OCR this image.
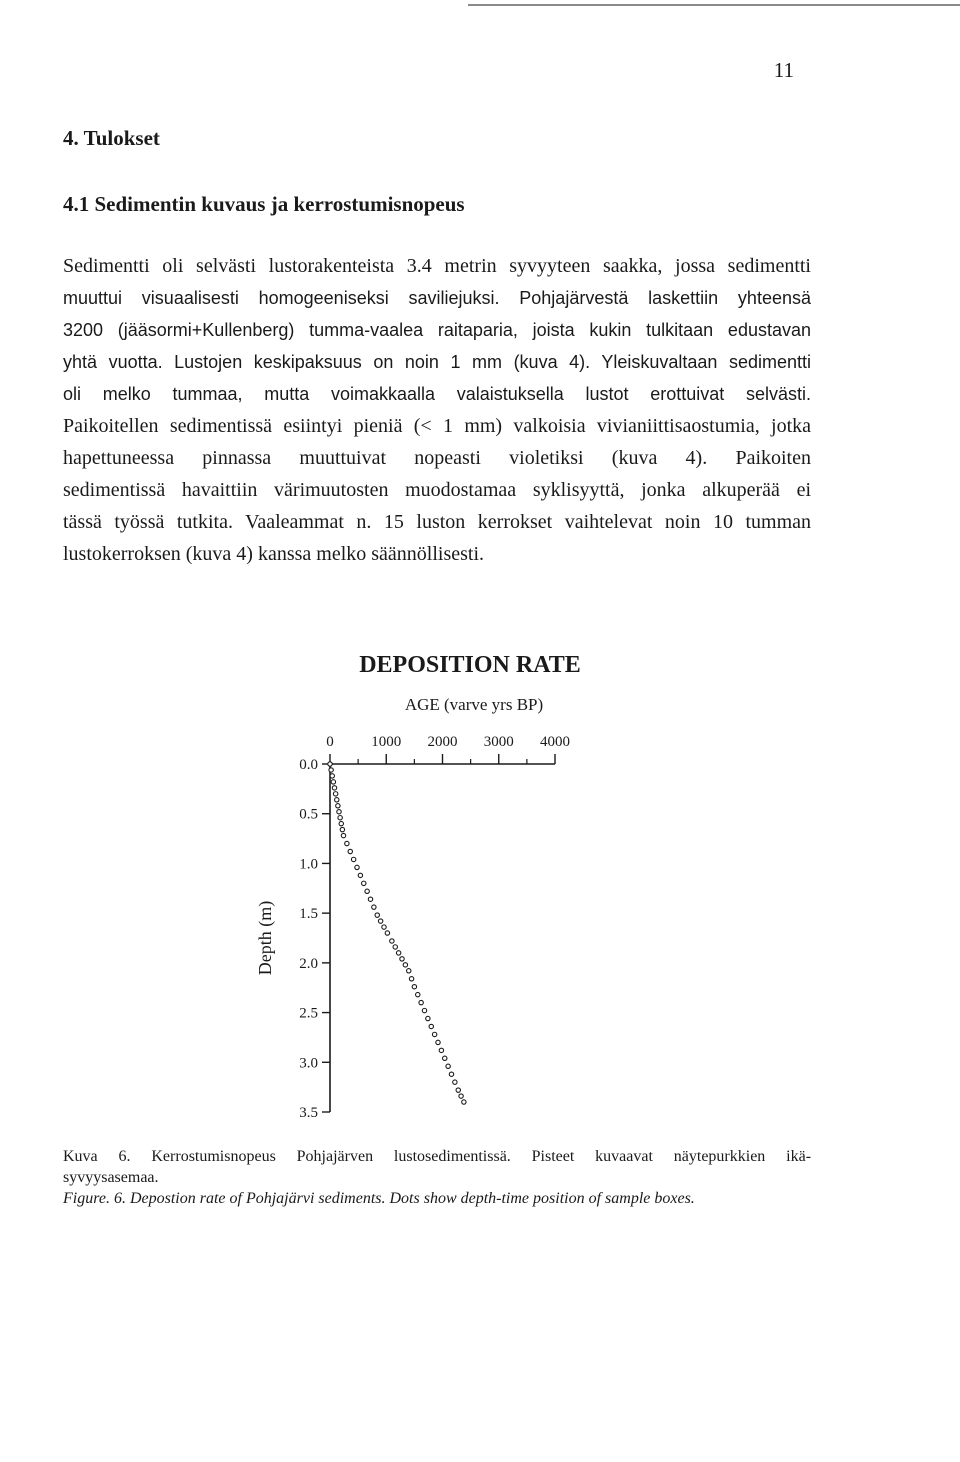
11
4. Tulokset
4.1 Sedimentin kuvaus ja kerrostumisnopeus

Sedimentti oli selvästi lustorakenteista 3.4 metrin syvyyteen saakka, jossa sedimentti
muuttui visuaalisesti homogeeniseksi saviliejuksi. Pohjajärvestä laskettiin yhteensä
3200 (jääsormi+Kullenberg) tumma-vaalea raitaparia, joista kukin tulkitaan edustavan
yhtä vuotta. Lustojen keskipaksuus on noin 1 mm (kuva 4). Yleiskuvaltaan sedimentti
oli melko tummaa, mutta voimakkaalla valaistuksella lustot erottuivat selvästi.
Paikoitellen sedimentissä esiintyi pieniä (< 1 mm) valkoisia vivianiittisaostumia, jotka
hapettuneessa pinnassa muuttuivat nopeasti violetiksi (kuva 4). Paikoiten
sedimentissä havaittiin värimuutosten muodostamaa syklisyyttä, jonka alkuperää ei
tässä työssä tutkita. Vaaleammat n. 15 luston kerrokset vaihtelevat noin 10 tumman
lustokerroksen (kuva 4) kanssa melko säännöllisesti.

DEPOSITION RATE
AGE (varve yrs BP)
0	1000 2000 3000 4000
0.0
0.5
1.0
1.5
2.0
2.5
3.0
3.5
Depth (m)
Kuva 6. Kerrostumisnopeus Pohjajärven lustosedimentissä. Pisteet kuvaavat näytepurkkien ikä-
syvyysasemaa.
Figure. 6. Depostion rate of Pohjajärvi sediments. Dots show depth-time position of sample boxes.
